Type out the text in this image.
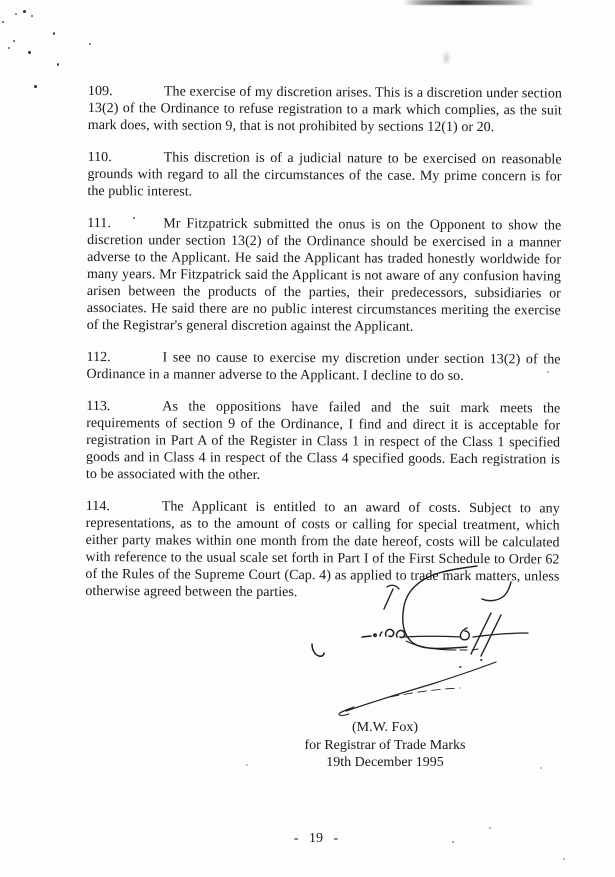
109.	The exercise of my discretion arises. This is a discretion under section 13(2) of the Ordinance to refuse registration to a mark which complies, as the suit mark does, with section 9, that is not prohibited by sections 12(1) or 20.
110.	This discretion is of a judicial nature to be exercised on reasonable grounds with regard to all the circumstances of the case. My prime concern is for the public interest.
111.	Mr Fitzpatrick submitted the onus is on the Opponent to show the discretion under section 13(2) of the Ordinance should be exercised in a manner adverse to the Applicant. He said the Applicant has traded honestly worldwide for many years. Mr Fitzpatrick said the Applicant is not aware of any confusion having arisen between the products of the parties, their predecessors, subsidiaries or associates. He said there are no public interest circumstances meriting the exercise of the Registrar's general discretion against the Applicant.
112.	I see no cause to exercise my discretion under section 13(2) of the Ordinance in a manner adverse to the Applicant. I decline to do so.
113.	As the oppositions have failed and the suit mark meets the requirements of section 9 of the Ordinance, I find and direct it is acceptable for registration in Part A of the Register in Class 1 in respect of the Class 1 specified goods and in Class 4 in respect of the Class 4 specified goods. Each registration is to be associated with the other.
114.	The Applicant is entitled to an award of costs. Subject to any representations, as to the amount of costs or calling for special treatment, which either party makes within one month from the date hereof, costs will be calculated with reference to the usual scale set forth in Part I of the First Schedule to Order 62 of the Rules of the Supreme Court (Cap. 4) as applied to trade mark matters, unless otherwise agreed between the parties.
(M.W. Fox)
for Registrar of Trade Marks
19th December 1995
- 19 -
